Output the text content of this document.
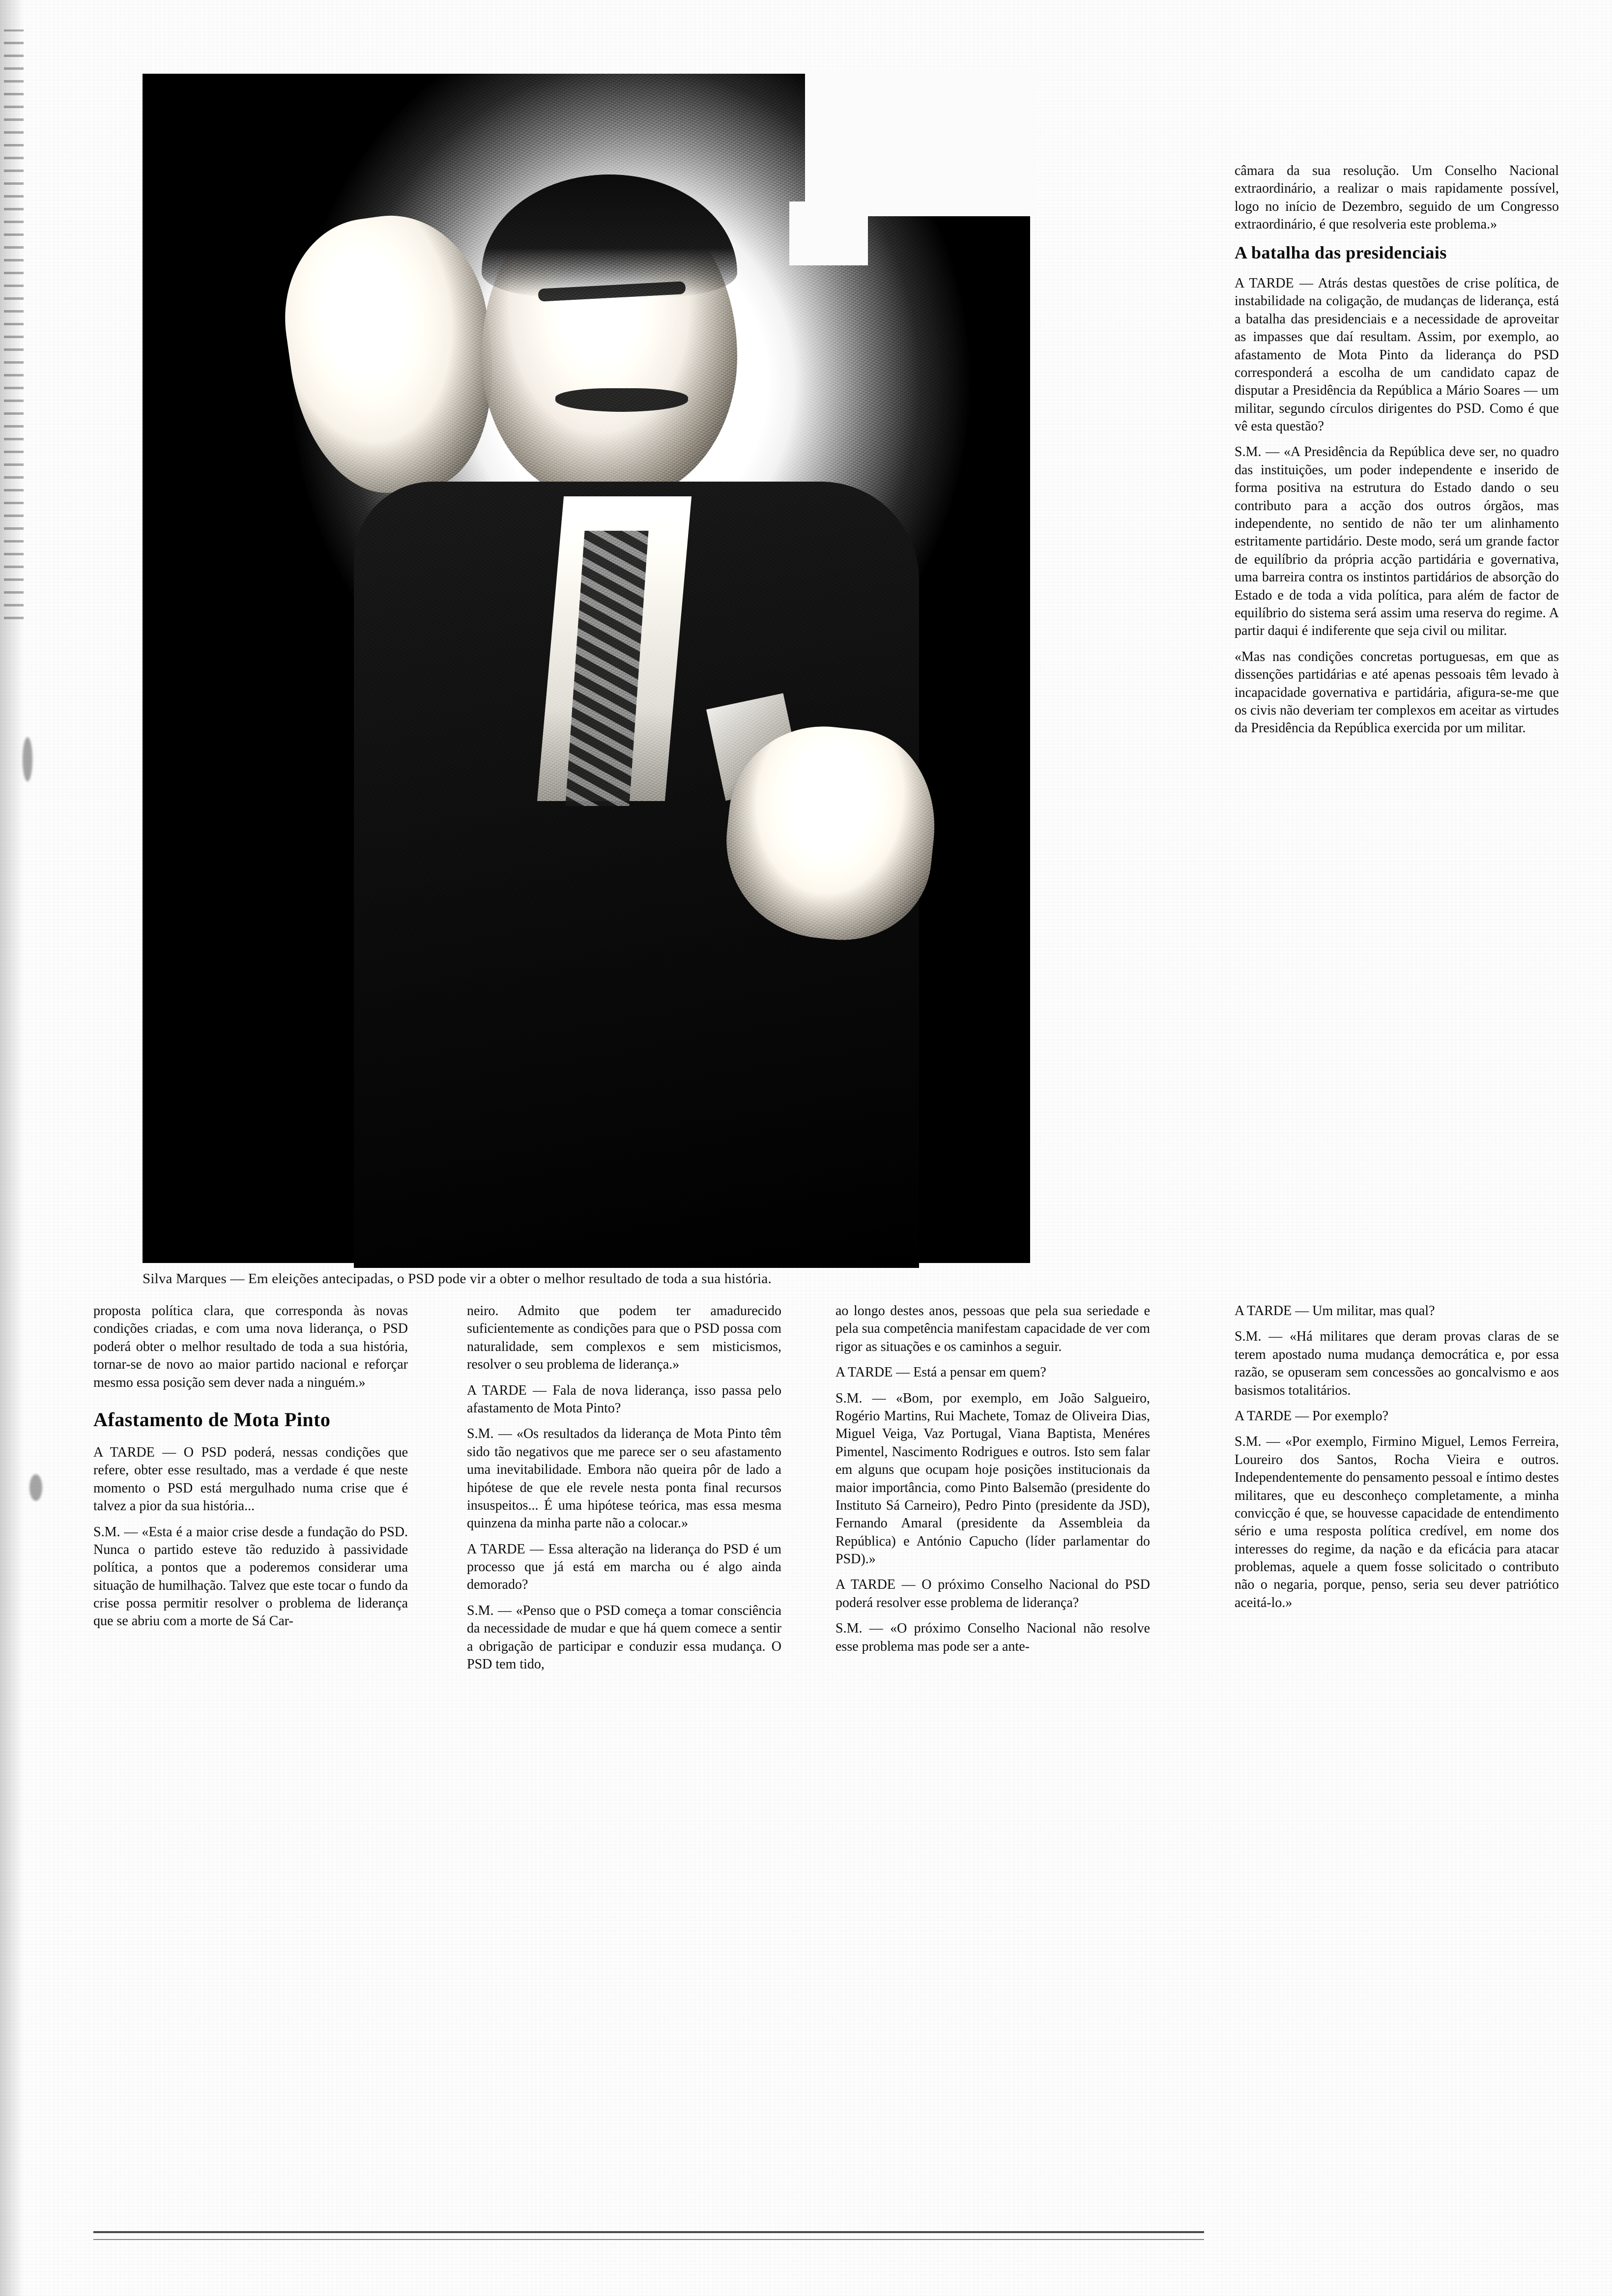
Silva Marques — Em eleições antecipadas, o PSD pode vir a obter o melhor resultado de toda a sua história.

câmara da sua resolução. Um Conselho Nacional extraordinário, a realizar o mais rapidamente possível, logo no início de Dezembro, seguido de um Congresso extraordinário, é que resolveria este problema.»

A batalha das presidenciais

A TARDE — Atrás destas questões de crise política, de instabilidade na coligação, de mudanças de liderança, está a batalha das presidenciais e a necessidade de aproveitar as impasses que daí resultam. Assim, por exemplo, ao afastamento de Mota Pinto da liderança do PSD corresponderá a escolha de um candidato capaz de disputar a Presidência da República a Mário Soares — um militar, segundo círculos dirigentes do PSD. Como é que vê esta questão?

S.M. — «A Presidência da República deve ser, no quadro das instituições, um poder independente e inserido de forma positiva na estrutura do Estado dando o seu contributo para a acção dos outros órgãos, mas independente, no sentido de não ter um alinhamento estritamente partidário. Deste modo, será um grande factor de equilíbrio da própria acção partidária e governativa, uma barreira contra os instintos partidários de absorção do Estado e de toda a vida política, para além de factor de equilíbrio do sistema será assim uma reserva do regime. A partir daqui é indiferente que seja civil ou militar.

«Mas nas condições concretas portuguesas, em que as dissenções partidárias e até apenas pessoais têm levado à incapacidade governativa e partidária, afigura-se-me que os civis não deveriam ter complexos em aceitar as virtudes da Presidência da República exercida por um militar.

proposta política clara, que corresponda às novas condições criadas, e com uma nova liderança, o PSD poderá obter o melhor resultado de toda a sua história, tornar-se de novo ao maior partido nacional e reforçar mesmo essa posição sem dever nada a ninguém.»

Afastamento de Mota Pinto

A TARDE — O PSD poderá, nessas condições que refere, obter esse resultado, mas a verdade é que neste momento o PSD está mergulhado numa crise que é talvez a pior da sua história...

S.M. — «Esta é a maior crise desde a fundação do PSD. Nunca o partido esteve tão reduzido à passividade política, a pontos que a poderemos considerar uma situação de humilhação. Talvez que este tocar o fundo da crise possa permitir resolver o problema de liderança que se abriu com a morte de Sá Car-

neiro. Admito que podem ter amadurecido suficientemente as condições para que o PSD possa com naturalidade, sem complexos e sem misticismos, resolver o seu problema de liderança.»

A TARDE — Fala de nova liderança, isso passa pelo afastamento de Mota Pinto?

S.M. — «Os resultados da liderança de Mota Pinto têm sido tão negativos que me parece ser o seu afastamento uma inevitabilidade. Embora não queira pôr de lado a hipótese de que ele revele nesta ponta final recursos insuspeitos... É uma hipótese teórica, mas essa mesma quinzena da minha parte não a colocar.»

A TARDE — Essa alteração na liderança do PSD é um processo que já está em marcha ou é algo ainda demorado?

S.M. — «Penso que o PSD começa a tomar consciência da necessidade de mudar e que há quem comece a sentir a obrigação de participar e conduzir essa mudança. O PSD tem tido,

ao longo destes anos, pessoas que pela sua seriedade e pela sua competência manifestam capacidade de ver com rigor as situações e os caminhos a seguir.

A TARDE — Está a pensar em quem?

S.M. — «Bom, por exemplo, em João Salgueiro, Rogério Martins, Rui Machete, Tomaz de Oliveira Dias, Miguel Veiga, Vaz Portugal, Viana Baptista, Menéres Pimentel, Nascimento Rodrigues e outros. Isto sem falar em alguns que ocupam hoje posições institucionais da maior importância, como Pinto Balsemão (presidente do Instituto Sá Carneiro), Pedro Pinto (presidente da JSD), Fernando Amaral (presidente da Assembleia da República) e António Capucho (líder parlamentar do PSD).»

A TARDE — O próximo Conselho Nacional do PSD poderá resolver esse problema de liderança?

S.M. — «O próximo Conselho Nacional não resolve esse problema mas pode ser a ante-

A TARDE — Um militar, mas qual?

S.M. — «Há militares que deram provas claras de se terem apostado numa mudança democrática e, por essa razão, se opuseram sem concessões ao goncalvismo e aos basismos totalitários.

A TARDE — Por exemplo?

S.M. — «Por exemplo, Firmino Miguel, Lemos Ferreira, Loureiro dos Santos, Rocha Vieira e outros. Independentemente do pensamento pessoal e íntimo destes militares, que eu desconheço completamente, a minha convicção é que, se houvesse capacidade de entendimento sério e uma resposta política credível, em nome dos interesses do regime, da nação e da eficácia para atacar problemas, aquele a quem fosse solicitado o contributo não o negaria, porque, penso, seria seu dever patriótico aceitá-lo.»
